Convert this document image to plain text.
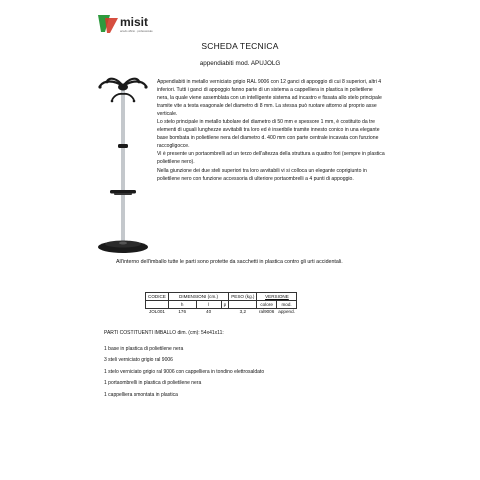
misit
arredo ufficio · professionale
SCHEDA TECNICA
appendiabiti mod. APUJOLG

Appendiabiti in metallo verniciato grigio RAL 9006 con 12 ganci di appoggio di cui 8 superiori, altri 4 inferiori. Tutti i ganci di appoggio fanno parte di un sistema a cappelliera in plastica in polietilene nera, la quale viene assemblata con un intelligente sistema ad incastro e fissata allo stelo principale tramite vite a testa esagonale del diametro di 8 mm. La stessa può ruotare attorno al proprio asse verticale.

Lo stelo principale in metallo tubolare del diametro di 50 mm e spessore 1 mm, è costituito da tre elementi di uguali lunghezze avvitabili tra loro ed è inseribile tramite innesto conico in una elegante base bombata in polietilene nera del diametro d. 400 mm con parte centrale incavata con funzione raccogligocce.

Vi è presente un portaombrelli ad un terzo dell'altezza della struttura a quattro fori (sempre in plastica polietilene nero).

Nella giunzione dei due steli superiori tra loro avvitabili vi si colloca un elegante coprigiunto in polietilene nero con funzione accessoria di ulteriore portaombrelli a 4 punti di appoggio.

All'interno dell'imballo tutte le parti sono protette da sacchetti in plastica contro gli urti accidentali.
CODICE	DIMENSIONI (cm.)			PESO (kg.)	VERSIONE	
	h	l	p		colore	mod.
JOL001	176	40		3,2	ral9006	append.
PARTI COSTITUENTI IMBALLO dim. (cm): 54x41x11:
1 base in plastica di polietilene nera
3 steli verniciato grigio ral 9006
1 stelo verniciato grigio ral 9006 con cappelliera in tondino elettrosaldato
1 portaombrelli in plastica di polietilene nera
1 cappelliera smontata in plastica
